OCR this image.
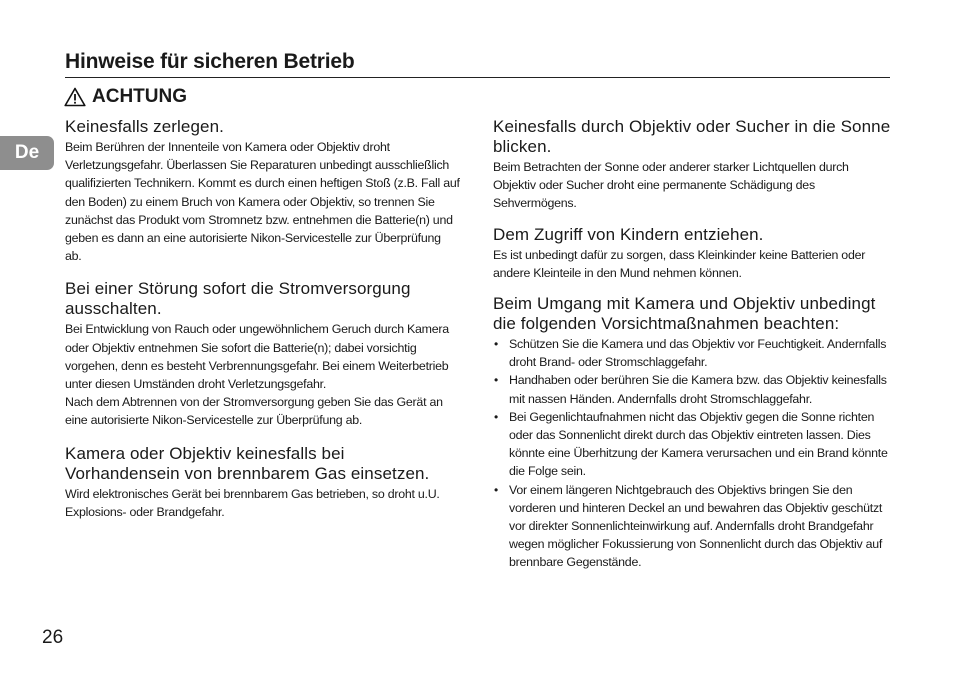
Hinweise für sicheren Betrieb
ACHTUNG
De
Keinesfalls zerlegen.

Beim Berühren der Innenteile von Kamera oder Objektiv droht Verletzungsgefahr. Überlassen Sie Reparaturen unbedingt ausschließlich qualifizierten Technikern. Kommt es durch einen heftigen Stoß (z.B. Fall auf den Boden) zu einem Bruch von Kamera oder Objektiv, so trennen Sie zunächst das Produkt vom Stromnetz bzw. entnehmen die Batterie(n) und geben es dann an eine autorisierte Nikon-Servicestelle zur Überprüfung ab.

Bei einer Störung sofort die Stromversorgung ausschalten.

Bei Entwicklung von Rauch oder ungewöhnlichem Geruch durch Kamera oder Objektiv entnehmen Sie sofort die Batterie(n); dabei vorsichtig vorgehen, denn es besteht Verbrennungsgefahr. Bei einem Weiterbetrieb unter diesen Umständen droht Verletzungsgefahr.

Nach dem Abtrennen von der Stromversorgung geben Sie das Gerät an eine autorisierte Nikon-Servicestelle zur Überprüfung ab.

Kamera oder Objektiv keinesfalls bei Vorhandensein von brennbarem Gas einsetzen.

Wird elektronisches Gerät bei brennbarem Gas betrieben, so droht u.U. Explosions- oder Brandgefahr.

Keinesfalls durch Objektiv oder Sucher in die Sonne blicken.

Beim Betrachten der Sonne oder anderer starker Lichtquellen durch Objektiv oder Sucher droht eine permanente Schädigung des Sehvermögens.

Dem Zugriff von Kindern entziehen.

Es ist unbedingt dafür zu sorgen, dass Kleinkinder keine Batterien oder andere Kleinteile in den Mund nehmen können.

Beim Umgang mit Kamera und Objektiv unbedingt die folgenden Vorsichtmaßnahmen beachten:
• Schützen Sie die Kamera und das Objektiv vor Feuchtigkeit. Andernfalls droht Brand- oder Stromschlaggefahr.
• Handhaben oder berühren Sie die Kamera bzw. das Objektiv keinesfalls mit nassen Händen. Andernfalls droht Stromschlaggefahr.
• Bei Gegenlichtaufnahmen nicht das Objektiv gegen die Sonne richten oder das Sonnenlicht direkt durch das Objektiv eintreten lassen. Dies könnte eine Überhitzung der Kamera verursachen und ein Brand könnte die Folge sein.
• Vor einem längeren Nichtgebrauch des Objektivs bringen Sie den vorderen und hinteren Deckel an und bewahren das Objektiv geschützt vor direkter Sonnenlichteinwirkung auf. Andernfalls droht Brandgefahr wegen möglicher Fokussierung von Sonnenlicht durch das Objektiv auf brennbare Gegenstände.
26
